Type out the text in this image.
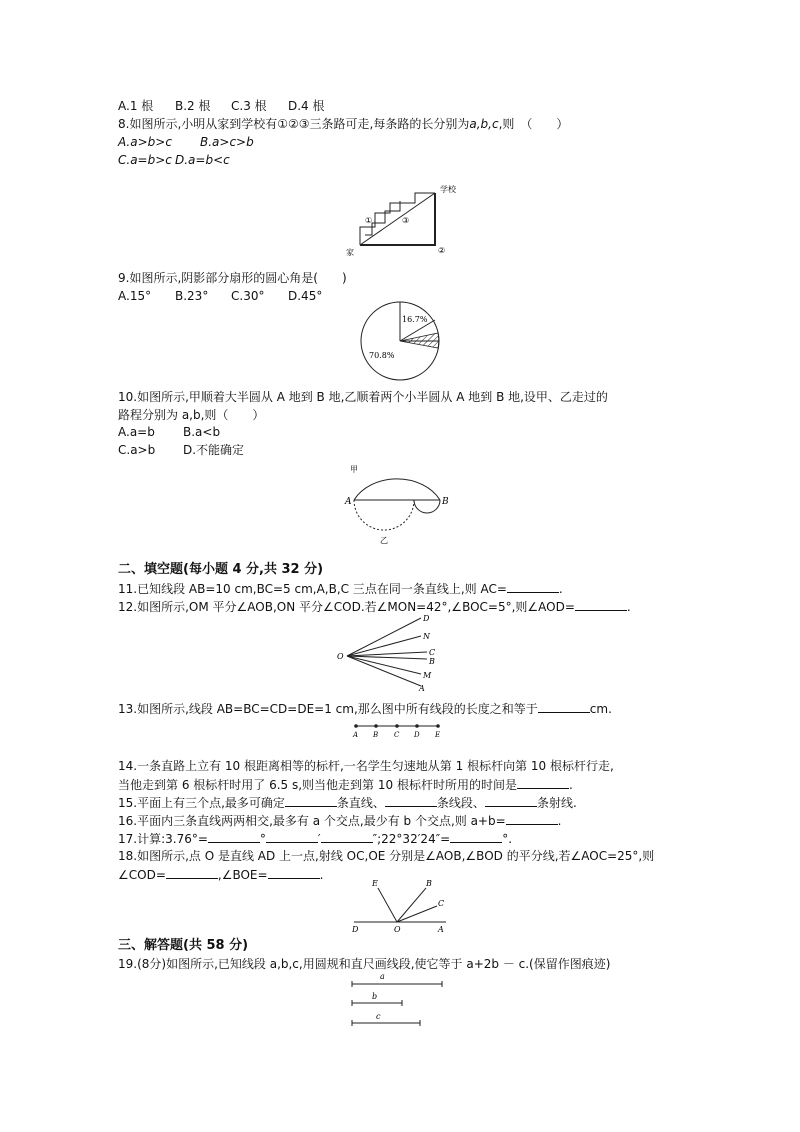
A.1 根 B.2 根 C.3 根 D.4 根
8.如图所示,小明从家到学校有①②③三条路可走,每条路的长分别为a,b,c,则　（　　）
A.a>b>c B.a>c>b
C.a=b>c D.a=b<c
学校
家
①
②
③
9.如图所示,阴影部分扇形的圆心角是(　　)
A.15° B.23° C.30° D.45°
16.7%
70.8%
10.如图所示,甲顺着大半圆从 A 地到 B 地,乙顺着两个小半圆从 A 地到 B 地,设甲、乙走过的
路程分别为 a,b,则（　　）
A.a=b B.a<b
C.a>b D.不能确定
甲
乙
A	B
二、填空题(每小题 4 分,共 32 分)
11.已知线段 AB=10 cm,BC=5 cm,A,B,C 三点在同一条直线上,则 AC=	.
12.如图所示,OM 平分∠AOB,ON 平分∠COD.若∠MON=42°,∠BOC=5°,则∠AOD=	.
D
N
O	C
B
M
A
13.如图所示,线段 AB=BC=CD=DE=1 cm,那么图中所有线段的长度之和等于	cm.
A B C D E
14.一条直路上立有 10 根距离相等的标杆,一名学生匀速地从第 1 根标杆向第 10 根标杆行走,
当他走到第 6 根标杆时用了 6.5 s,则当他走到第 10 根标杆时所用的时间是	.
15.平面上有三个点,最多可确定	条直线、	条线段、	条射线.
16.平面内三条直线两两相交,最多有 a 个交点,最少有 b 个交点,则 a+b=	.
17.计算:3.76°=	°	′	″;22°32′24″=	°.
18.如图所示,点 O 是直线 AD 上一点,射线 OC,OE 分别是∠AOB,∠BOD 的平分线,若∠AOC=25°,则
∠COD=	,∠BOE=	.
E	B
C
D	O	A
三、解答题(共 58 分)
19.(8分)如图所示,已知线段 a,b,c,用圆规和直尺画线段,使它等于 a+2b － c.(保留作图痕迹)
a
b
c
